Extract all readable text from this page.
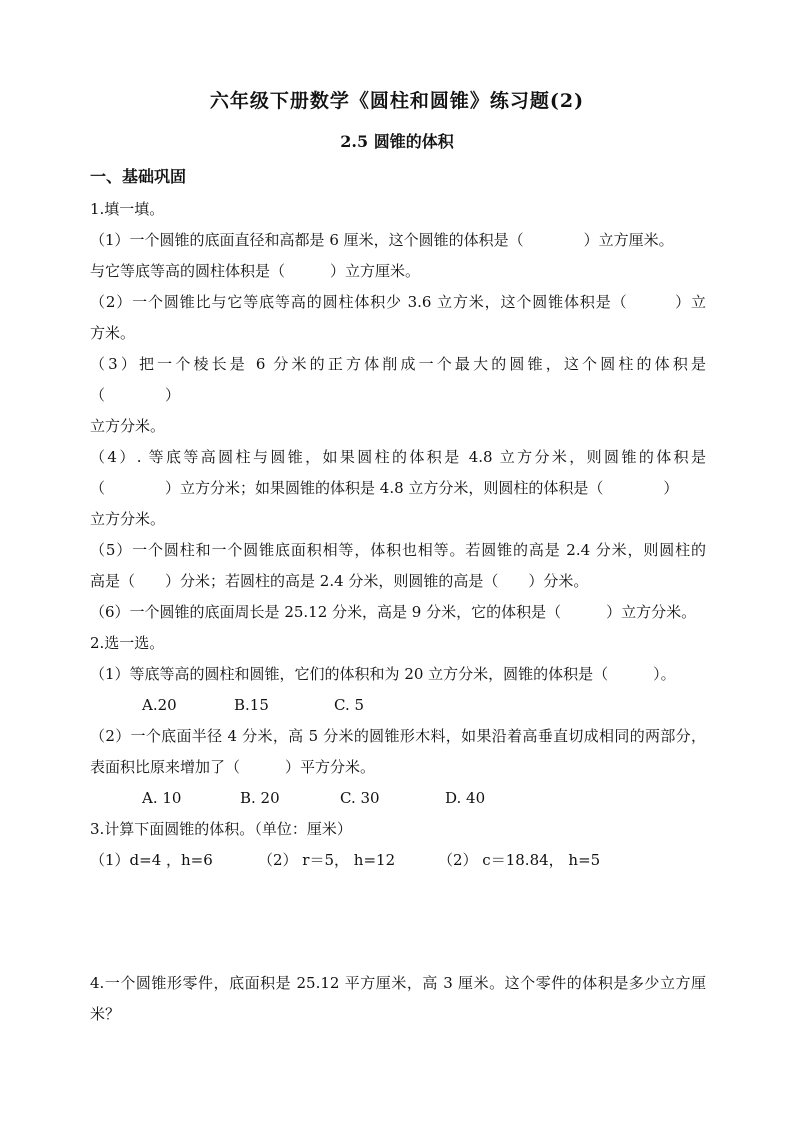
六年级下册数学《圆柱和圆锥》练习题(2)
2.5 圆锥的体积
一、基础巩固
1.填一填。
（1）一个圆锥的底面直径和高都是 6 厘米，这个圆锥的体积是（　　　　）立方厘米。
与它等底等高的圆柱体积是（　　　）立方厘米。
（2）一个圆锥比与它等底等高的圆柱体积少 3.6 立方米，这个圆锥体积是（　　　）立
方米。
（3）把一个棱长是 6 分米的正方体削成一个最大的圆锥，这个圆柱的体积是
（　　　　）
立方分米。
（4）. 等底等高圆柱与圆锥，如果圆柱的体积是 4.8 立方分米，则圆锥的体积是
（　　　　）立方分米；如果圆锥的体积是 4.8 立方分米，则圆柱的体积是（　　　　）
立方分米。
（5）一个圆柱和一个圆锥底面积相等，体积也相等。若圆锥的高是 2.4 分米，则圆柱的
高是（　　）分米；若圆柱的高是 2.4 分米，则圆锥的高是（　　）分米。
（6）一个圆锥的底面周长是 25.12 分米，高是 9 分米，它的体积是（　　　）立方分米。
2.选一选。
（1）等底等高的圆柱和圆锥，它们的体积和为 20 立方分米，圆锥的体积是（　　　）。
A.20	B.15	C. 5
（2）一个底面半径 4 分米，高 5 分米的圆锥形木料，如果沿着高垂直切成相同的两部分，
表面积比原来增加了（　　　）平方分米。
A. 10	B. 20	C. 30	D. 40
3.计算下面圆锥的体积。（单位：厘米）
（1）d=4 ，h=6	（2） r＝5， h=12	（2） c＝18.84， h=5
4.一个圆锥形零件，底面积是 25.12 平方厘米，高 3 厘米。这个零件的体积是多少立方厘
米？
